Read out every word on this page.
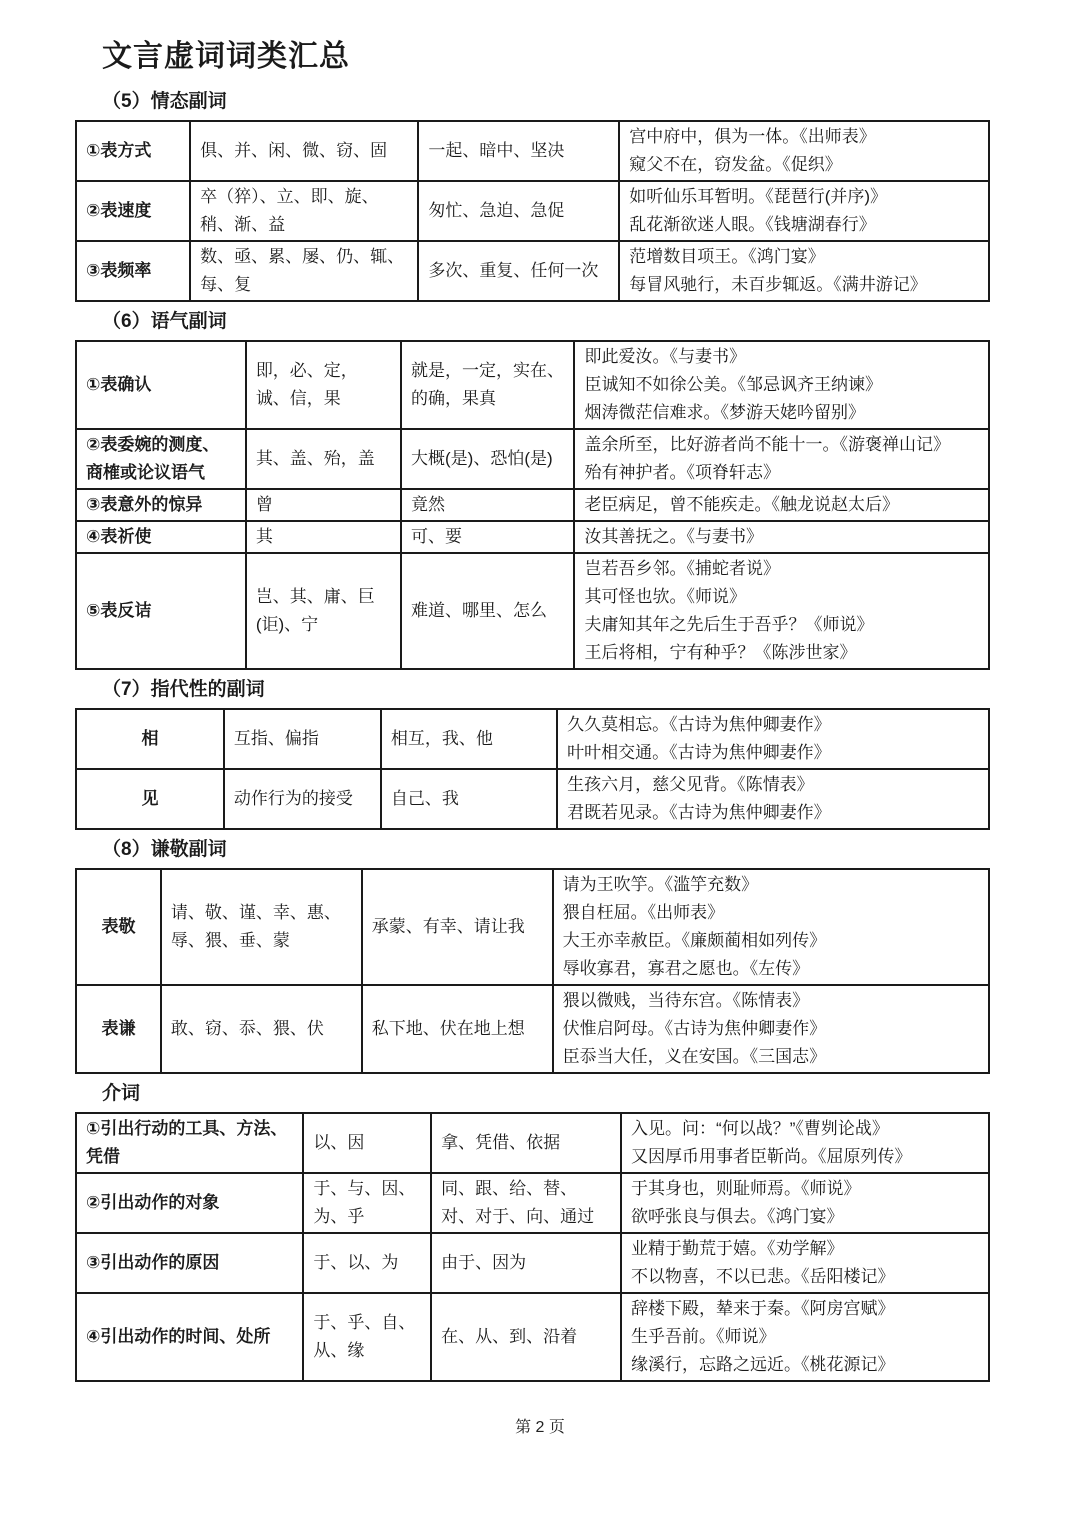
文言虚词词类汇总
（5）情态副词
①表方式	俱、并、闲、微、窃、固	一起、暗中、坚决	宫中府中，俱为一体。《出师表》
窥父不在，窃发盆。《促织》

②表速度	卒（猝）、立、即、旋、稍、渐、益	匆忙、急迫、急促	如听仙乐耳暂明。《琵琶行(并序)》
乱花渐欲迷人眼。《钱塘湖春行》

③表频率	数、亟、累、屡、仍、辄、每、复	多次、重复、任何一次	范增数目项王。《鸿门宴》
每冒风驰行，未百步辄返。《满井游记》
（6）语气副词
①表确认	即，必、定，诚、信，果	就是，一定，实在、的确，果真	即此爱汝。《与妻书》
臣诚知不如徐公美。《邹忌讽齐王纳谏》
烟涛微茫信难求。《梦游天姥吟留别》

②表委婉的测度、商榷或论议语气	其、盖、殆，盖	大概(是)、恐怕(是)	盖余所至，比好游者尚不能十一。《游褒禅山记》
殆有神护者。《项脊轩志》

③表意外的惊异	曾	竟然	老臣病足，曾不能疾走。《触龙说赵太后》

④表祈使	其	可、要	汝其善抚之。《与妻书》

⑤表反诘	岂、其、庸、巨(讵)、宁	难道、哪里、怎么	岂若吾乡邻。《捕蛇者说》
其可怪也欤。《师说》
夫庸知其年之先后生于吾乎？《师说》
王后将相，宁有种乎？《陈涉世家》
（7）指代性的副词
相	互指、偏指	相互，我、他	久久莫相忘。《古诗为焦仲卿妻作》
叶叶相交通。《古诗为焦仲卿妻作》

见	动作行为的接受	自己、我	生孩六月，慈父见背。《陈情表》
君既若见录。《古诗为焦仲卿妻作》
（8）谦敬副词
表敬	请、敬、谨、幸、惠、辱、猥、垂、蒙	承蒙、有幸、请让我	请为王吹竽。《滥竽充数》
猥自枉屈。《出师表》
大王亦幸赦臣。《廉颇蔺相如列传》
辱收寡君，寡君之愿也。《左传》

表谦	敢、窃、忝、猥、伏	私下地、伏在地上想	猥以微贱，当待东宫。《陈情表》
伏惟启阿母。《古诗为焦仲卿妻作》
臣忝当大任，义在安国。《三国志》
介词
①引出行动的工具、方法、凭借	以、因	拿、凭借、依据	入见。问：“何以战？”《曹刿论战》
又因厚币用事者臣靳尚。《屈原列传》

②引出动作的对象	于、与、因、为、乎	同、跟、给、替、对、对于、向、通过	于其身也，则耻师焉。《师说》
欲呼张良与俱去。《鸿门宴》

③引出动作的原因	于、以、为	由于、因为	业精于勤荒于嬉。《劝学解》
不以物喜，不以已悲。《岳阳楼记》

④引出动作的时间、处所	于、乎、自、从、缘	在、从、到、沿着	辞楼下殿，辇来于秦。《阿房宫赋》
生乎吾前。《师说》
缘溪行，忘路之远近。《桃花源记》
第 2 页
